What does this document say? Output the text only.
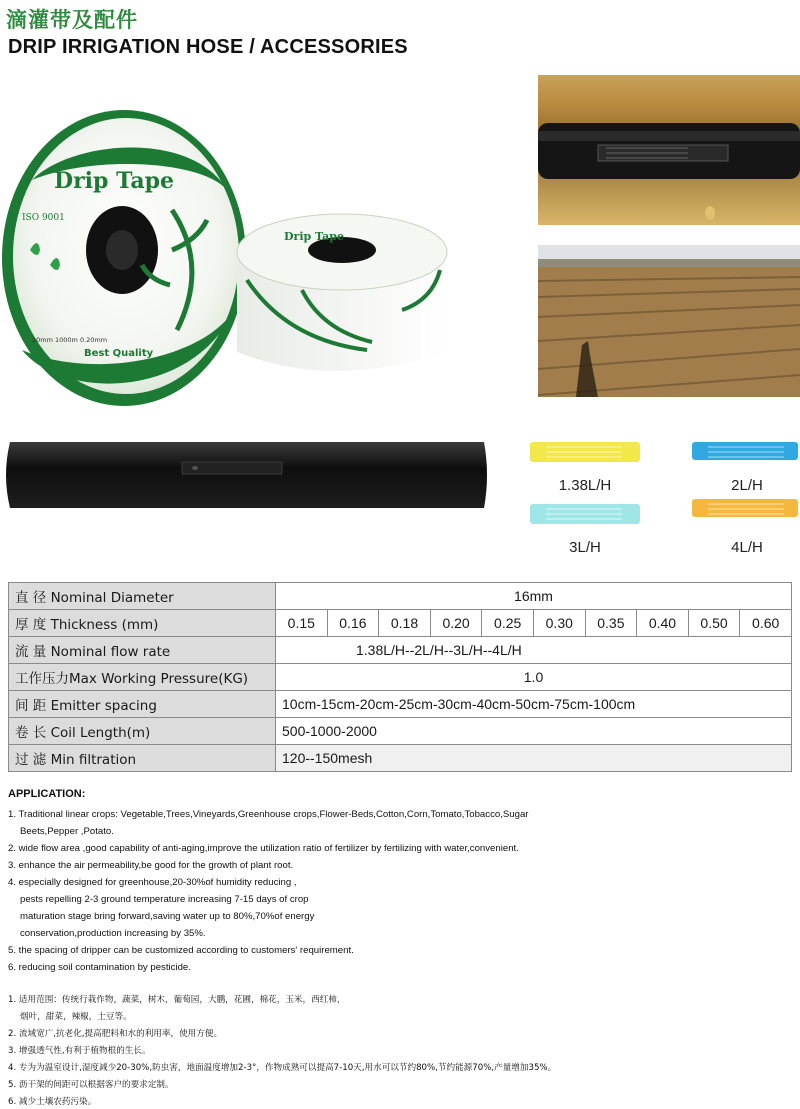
滴灌带及配件
DRIP IRRIGATION HOSE / ACCESSORIES
Drip Tape
ISO 9001
Best Quality
Type : Drip Tape
20mm 1000m 0.20mm
Drip Tape
1.38L/H	2L/H
3L/H	4L/H
直 径 Nominal Diameter	16mm									
厚 度 Thickness (mm)	0.15	0.16	0.18	0.20	0.25	0.30	0.35	0.40	0.50	0.60
流 量 Nominal flow rate	1.38L/H--2L/H--3L/H--4L/H									
工作压力Max Working Pressure(KG)	1.0									
间 距 Emitter spacing	10cm-15cm-20cm-25cm-30cm-40cm-50cm-75cm-100cm									
卷 长 Coil Length(m)	500-1000-2000									
过 滤 Min filtration	120--150mesh									
APPLICATION:
1. Traditional linear crops: Vegetable,Trees,Vineyards,Greenhouse crops,Flower-Beds,Cotton,Corn,Tomato,Tobacco,Sugar
Beets,Pepper ,Potato.
2. wide flow area ,good capability of anti-aging,improve the utilization ratio of fertilizer by fertilizing with water,convenient.
3. enhance the air permeability,be good for the growth of plant root.
4. especially designed for greenhouse,20-30%of humidity reducing ,
pests repelling 2-3 ground temperature increasing 7-15 days of crop
maturation stage bring forward,saving water up to 80%,70%of energy
conservation,production increasing by 35%.
5. the spacing of dripper can be customized according to customers' requirement.
6. reducing soil contamination by pesticide.
1. 适用范围：传统行栽作物，蔬菜，树木，葡萄园，大鹏，花圃，棉花，玉米，西红柿，
烟叶，甜菜，辣椒，土豆等。
2. 流域宽广,抗老化,提高肥料和水的利用率，使用方便。
3. 增强透气性,有利于植物根的生长。
4. 专为为温室设计,湿度减少20-30%,防虫害，地面温度增加2-3°，作物成熟可以提高7-10天,用水可以节约80%,节约能源70%,产量增加35%。
5. 沥干架的间距可以根据客户的要求定制。
6. 减少土壤农药污染。
